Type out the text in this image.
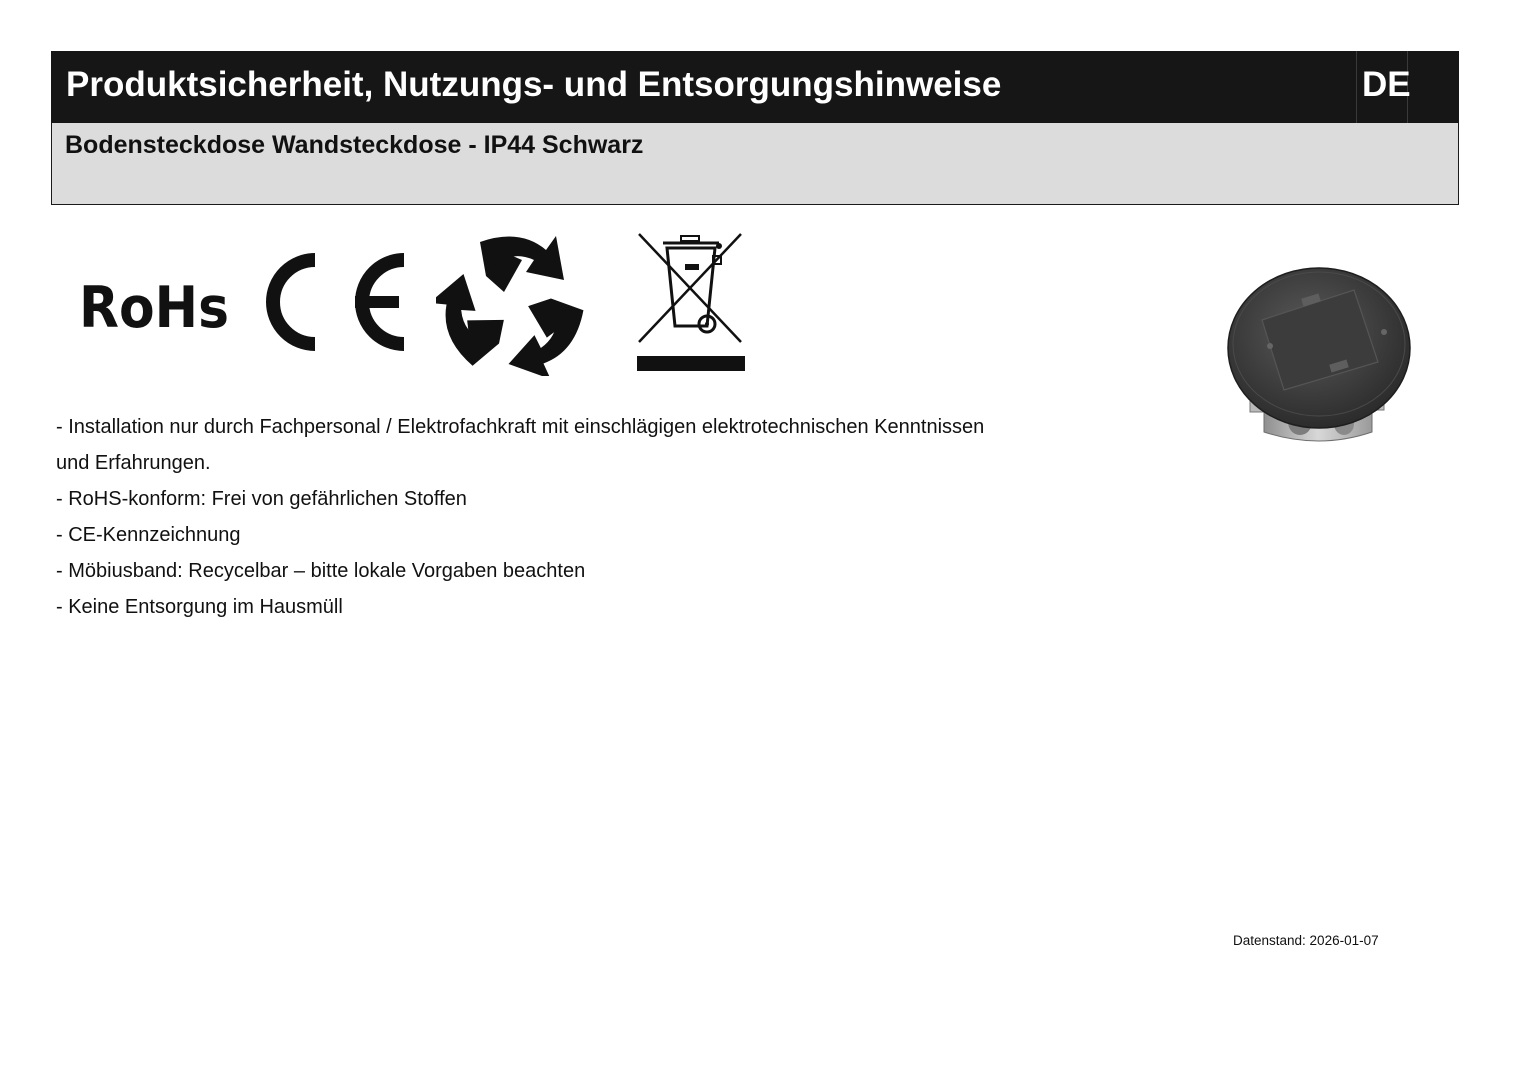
Produktsicherheit, Nutzungs- und Entsorgungshinweise	DE
Bodensteckdose Wandsteckdose - IP44 Schwarz
RoHs

- Installation nur durch Fachpersonal / Elektrofachkraft mit einschlägigen elektrotechnischen Kenntnissen

und Erfahrungen.

- RoHS-konform: Frei von gefährlichen Stoffen

- CE-Kennzeichnung

- Möbiusband: Recycelbar – bitte lokale Vorgaben beachten

- Keine Entsorgung im Hausmüll

Datenstand: 2026-01-07
